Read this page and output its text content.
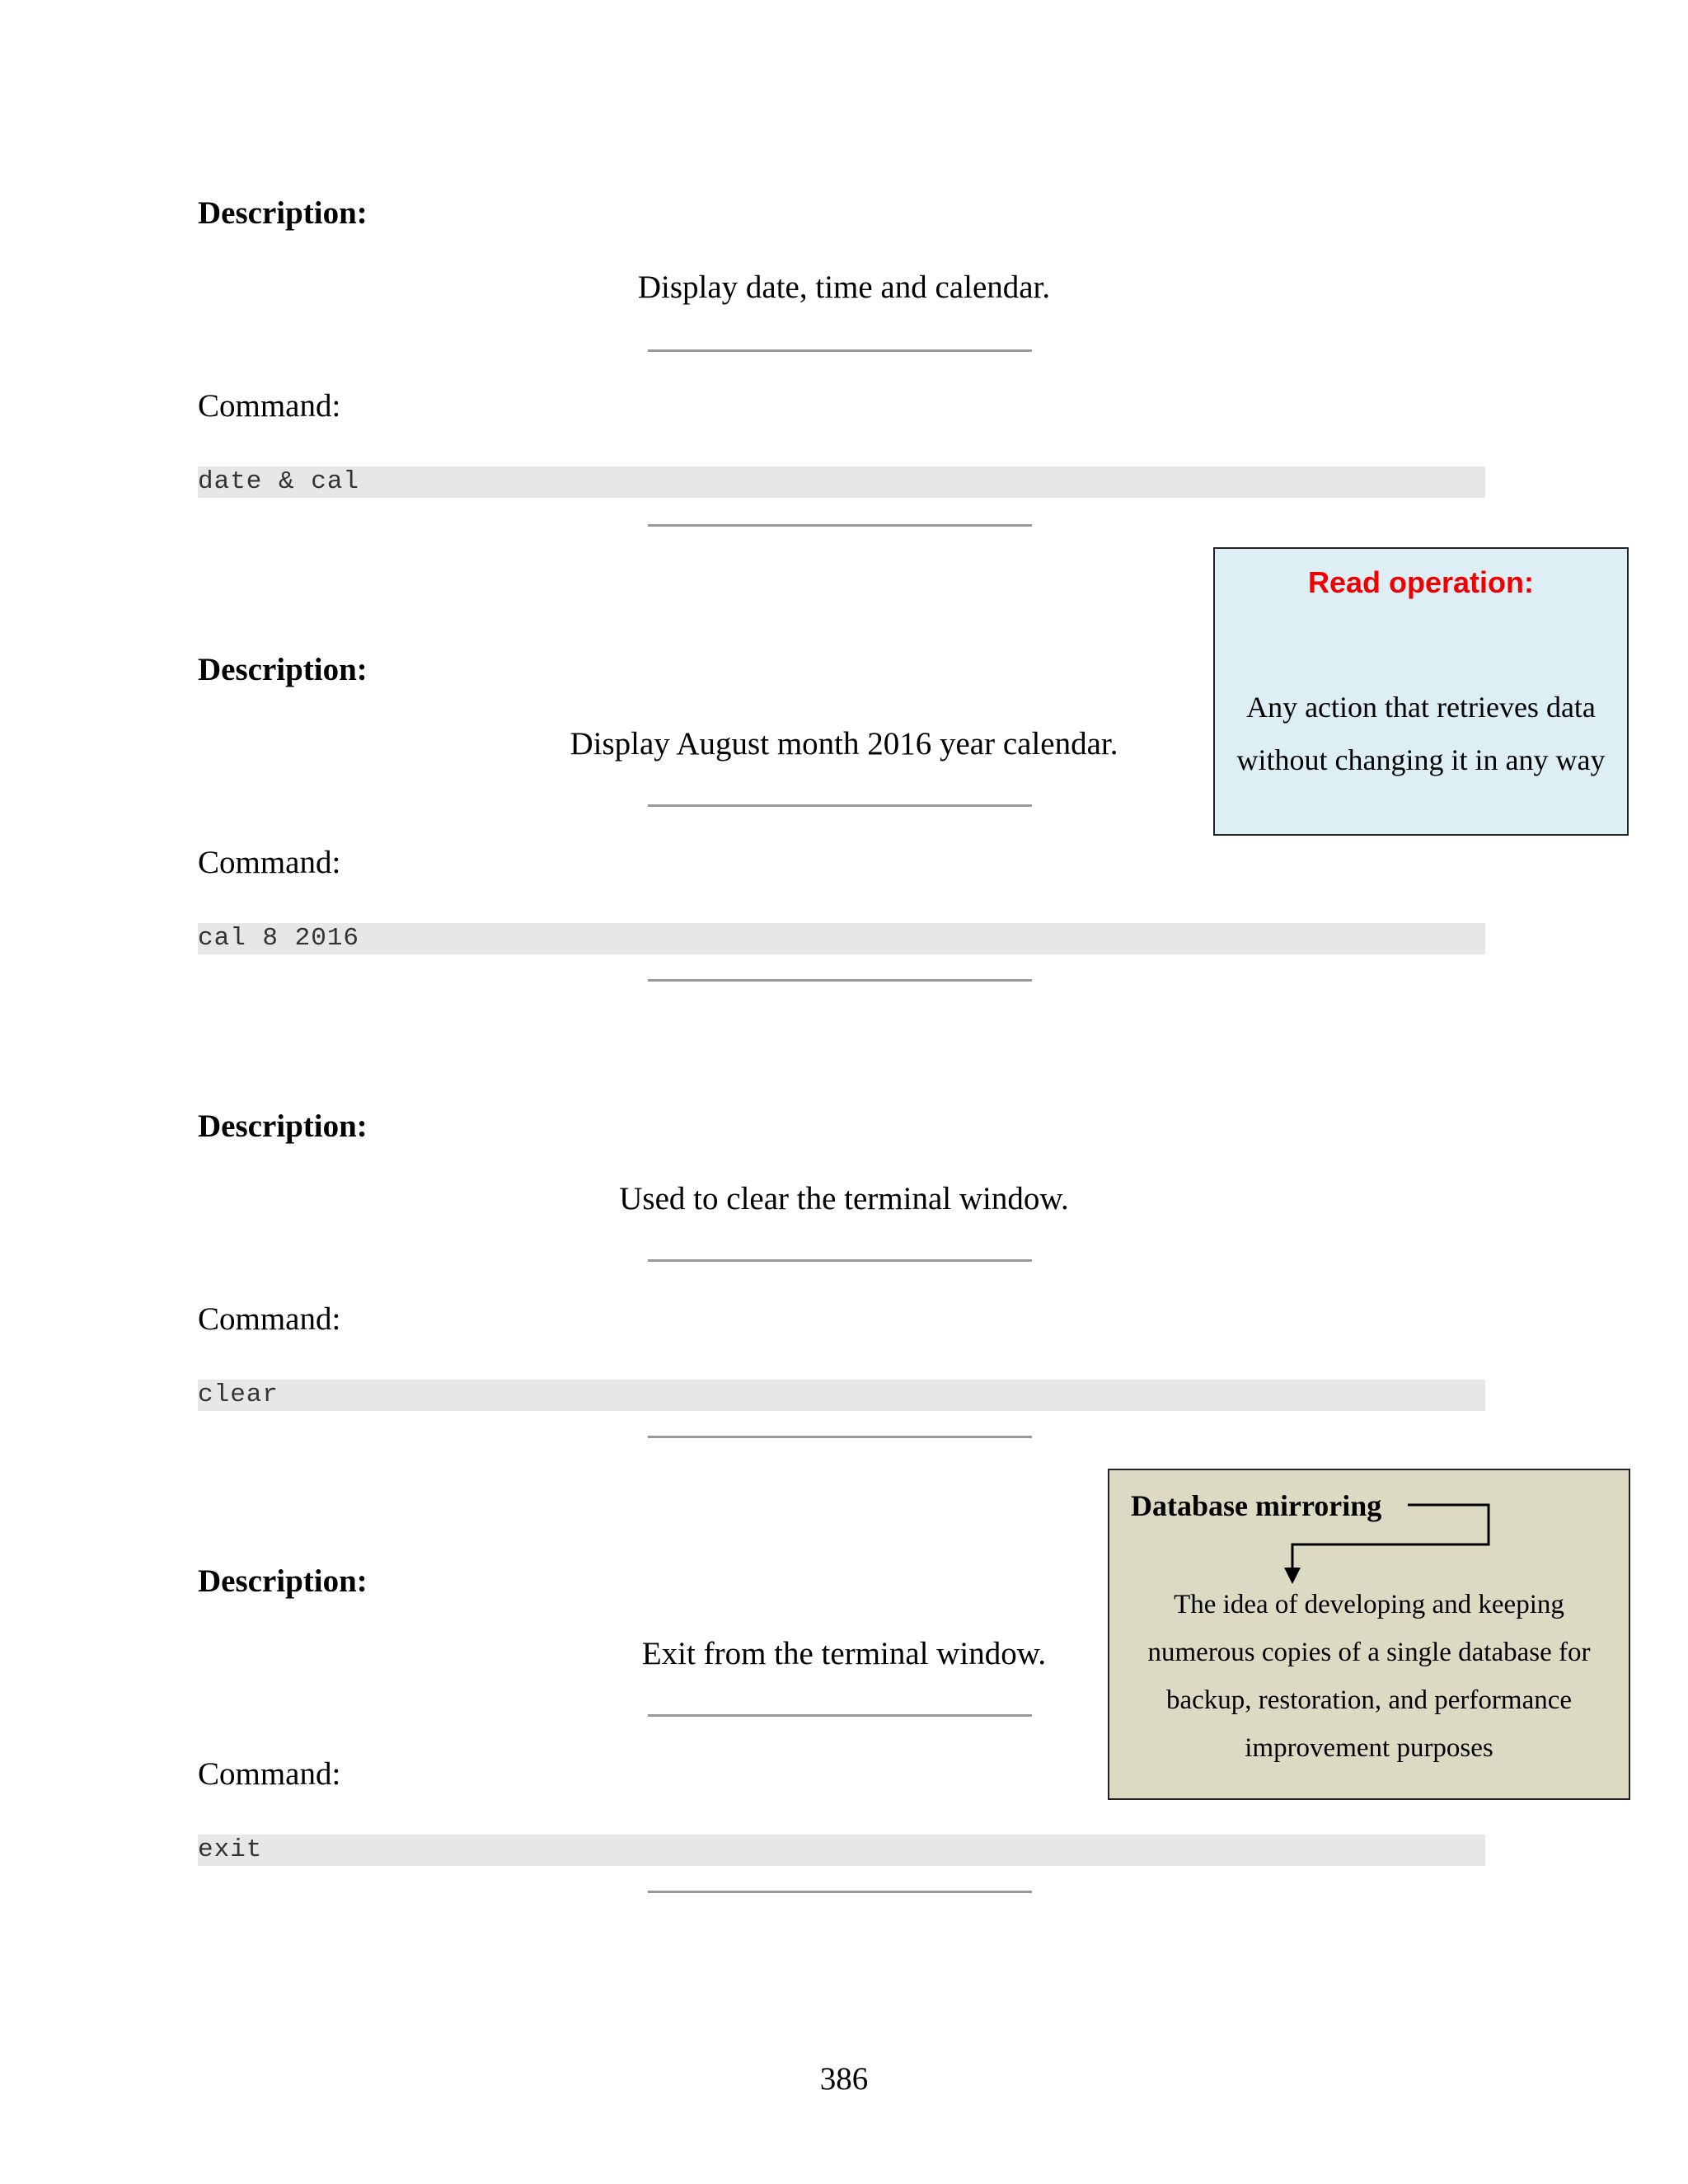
Description:
Display date, time and calendar.
Command:
date & cal
Description:
Display August month 2016 year calendar.
Command:
cal 8 2016
Description:
Used to clear the terminal window.
Command:
clear
Description:
Exit from the terminal window.
Command:
exit
Read operation:
Any action that retrieves data
without changing it in any way
Database mirroring
The idea of developing and keeping
numerous copies of a single database for
backup, restoration, and performance
improvement purposes
386
